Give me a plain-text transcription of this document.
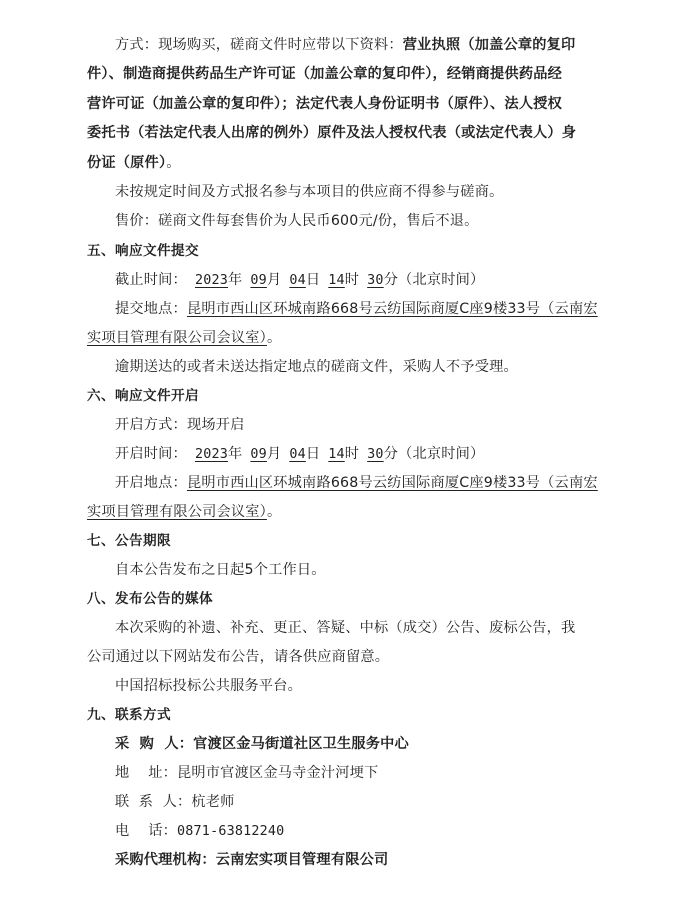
方式：现场购买，磋商文件时应带以下资料：营业执照（加盖公章的复印
件）、制造商提供药品生产许可证（加盖公章的复印件），经销商提供药品经
营许可证（加盖公章的复印件）；法定代表人身份证明书（原件）、法人授权
委托书（若法定代表人出席的例外）原件及法人授权代表（或法定代表人）身
份证（原件）。
未按规定时间及方式报名参与本项目的供应商不得参与磋商。
售价：磋商文件每套售价为人民币600元/份，售后不退。
五、响应文件提交
截止时间： 2023年 09月 04日 14时 30分（北京时间）
提交地点：昆明市西山区环城南路668号云纺国际商厦C座9楼33号（云南宏
实项目管理有限公司会议室）。
逾期送达的或者未送达指定地点的磋商文件，采购人不予受理。
六、响应文件开启
开启方式：现场开启
开启时间： 2023年 09月 04日 14时 30分（北京时间）
开启地点：昆明市西山区环城南路668号云纺国际商厦C座9楼33号（云南宏
实项目管理有限公司会议室）。
七、公告期限
自本公告发布之日起5个工作日。
八、发布公告的媒体
本次采购的补遗、补充、更正、答疑、中标（成交）公告、废标公告，我
公司通过以下网站发布公告，请各供应商留意。
中国招标投标公共服务平台。
九、联系方式
采  购  人：官渡区金马街道社区卫生服务中心
地    址：昆明市官渡区金马寺金汁河埂下
联  系  人：杭老师
电    话：0871-63812240
采购代理机构：云南宏实项目管理有限公司
